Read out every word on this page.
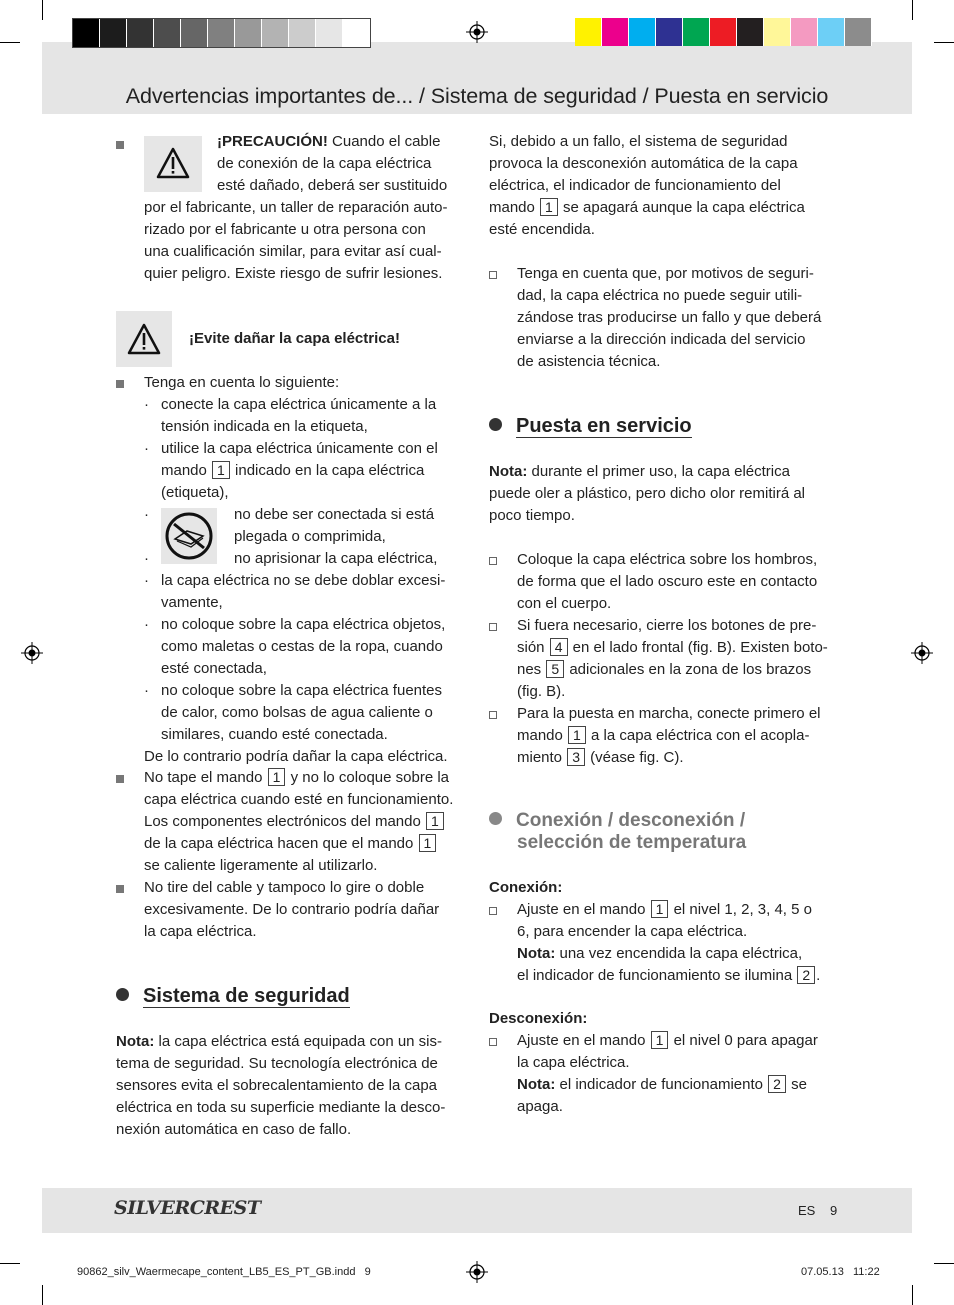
Advertencias importantes de... / Sistema de seguridad / Puesta en servicio
¡PRECAUCIÓN! Cuando el cable
de conexión de la capa eléctrica
esté dañado, deberá ser sustituido
por el fabricante, un taller de reparación auto-
rizado por el fabricante u otra persona con
una cualificación similar, para evitar así cual-
quier peligro. Existe riesgo de sufrir lesiones.
¡Evite dañar la capa eléctrica!
Tenga en cuenta lo siguiente:
· conecte la capa eléctrica únicamente a la
tensión indicada en la etiqueta,
· utilice la capa eléctrica únicamente con el
mando 1 indicado en la capa eléctrica
(etiqueta),
·	no debe ser conectada si está
plegada o comprimida,
·	no aprisionar la capa eléctrica,
· la capa eléctrica no se debe doblar excesi-
vamente,
· no coloque sobre la capa eléctrica objetos,
como maletas o cestas de la ropa, cuando
esté conectada,
· no coloque sobre la capa eléctrica fuentes
de calor, como bolsas de agua caliente o
similares, cuando esté conectada.
De lo contrario podría dañar la capa eléctrica.
No tape el mando 1 y no lo coloque sobre la
capa eléctrica cuando esté en funcionamiento.
Los componentes electrónicos del mando 1
de la capa eléctrica hacen que el mando 1
se caliente ligeramente al utilizarlo.
No tire del cable y tampoco lo gire o doble
excesivamente. De lo contrario podría dañar
la capa eléctrica.
Sistema de seguridad
Nota: la capa eléctrica está equipada con un sis-
tema de seguridad. Su tecnología electrónica de
sensores evita el sobrecalentamiento de la capa
eléctrica en toda su superficie mediante la desco-
nexión automática en caso de fallo.
Si, debido a un fallo, el sistema de seguridad
provoca la desconexión automática de la capa
eléctrica, el indicador de funcionamiento del
mando 1 se apagará aunque la capa eléctrica
esté encendida.
Tenga en cuenta que, por motivos de seguri-
dad, la capa eléctrica no puede seguir utili-
zándose tras producirse un fallo y que deberá
enviarse a la dirección indicada del servicio
de asistencia técnica.
Puesta en servicio
Nota: durante el primer uso, la capa eléctrica
puede oler a plástico, pero dicho olor remitirá al
poco tiempo.
Coloque la capa eléctrica sobre los hombros,
de forma que el lado oscuro este en contacto
con el cuerpo.
Si fuera necesario, cierre los botones de pre-
sión 4 en el lado frontal (fig. B). Existen boto-
nes 5 adicionales en la zona de los brazos
(fig. B).
Para la puesta en marcha, conecte primero el
mando 1 a la capa eléctrica con el acopla-
miento 3 (véase fig. C).
Conexión / desconexión /
selección de temperatura
Conexión:
Ajuste en el mando 1 el nivel 1, 2, 3, 4, 5 o
6, para encender la capa eléctrica.
Nota: una vez encendida la capa eléctrica,
el indicador de funcionamiento se ilumina 2 .
Desconexión:
Ajuste en el mando 1 el nivel 0 para apagar
la capa eléctrica.
Nota: el indicador de funcionamiento 2 se
apaga.
SILVERCREST	ES 9
90862_silv_Waermecape_content_LB5_ES_PT_GB.indd   9	07.05.13   11:22
